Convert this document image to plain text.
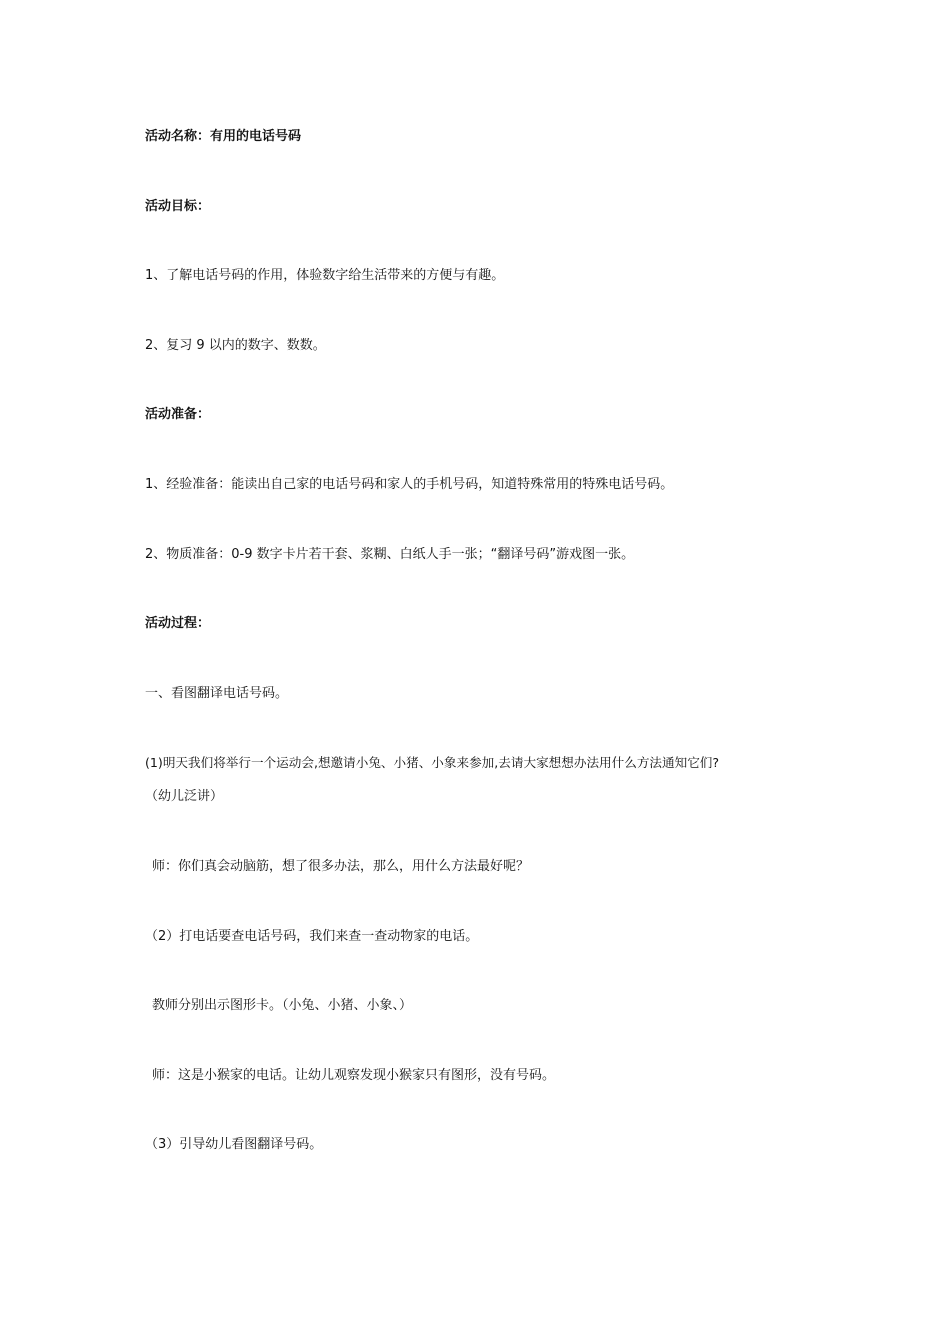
活动名称：有用的电话号码
活动目标：
1、了解电话号码的作用，体验数字给生活带来的方便与有趣。
2、复习 9 以内的数字、数数。
活动准备：
1、经验准备：能读出自己家的电话号码和家人的手机号码，知道特殊常用的特殊电话号码。
2、物质准备：0-9 数字卡片若干套、浆糊、白纸人手一张；“翻译号码”游戏图一张。
活动过程：
一、看图翻译电话号码。
(1)明天我们将举行一个运动会,想邀请小兔、小猪、小象来参加,去请大家想想办法用什么方法通知它们?
（幼儿泛讲）
师：你们真会动脑筋，想了很多办法，那么，用什么方法最好呢？
（2）打电话要查电话号码，我们来查一查动物家的电话。
教师分别出示图形卡。（小兔、小猪、小象、）
师：这是小猴家的电话。让幼儿观察发现小猴家只有图形，没有号码。
（3）引导幼儿看图翻译号码。
